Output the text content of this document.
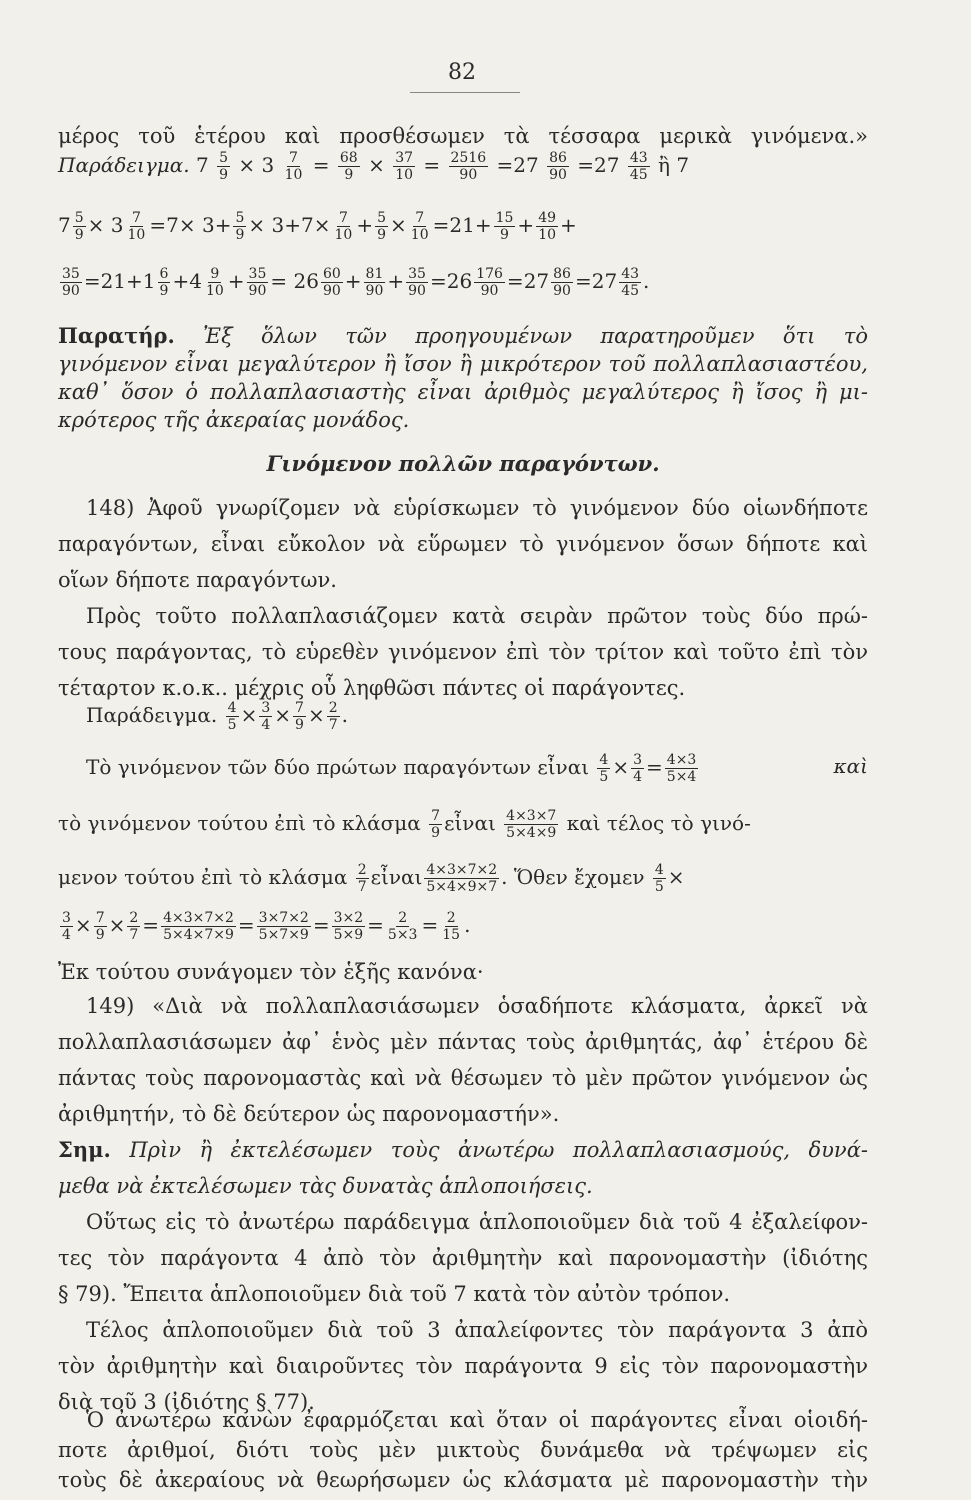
82
μέρος τοῦ ἑτέρου καὶ προσθέσωμεν τὰ τέσσαρα μερικὰ γινόμενα.»
Παράδειγμα. $7 \frac{5}{9} \times 3 \frac{7}{10} = \frac{68}{9} \times \frac{37}{10} = \frac{2516}{90} =27 \frac{86}{90} =27 \frac{43}{45}$ ἢ 7
$7 \frac{5}{9} \times 3 \frac{7}{10} =7\times 3+ \frac{5}{9} \times 3+7\times \frac{7}{10} + \frac{5}{9} \times \frac{7}{10} =21+ \frac{15}{9} + \frac{49}{10}$ +
$\frac{35}{90} =21+1 \frac{6}{9} +4 \frac{9}{10} + \frac{35}{90} = 26 \frac{60}{90} + \frac{81}{90} + \frac{35}{90} =26 \frac{176}{90} =27 \frac{86}{90} =27 \frac{43}{45}$ .
Παρατήρ. Ἐξ ὅλων τῶν προηγουμένων παρατηροῦμεν ὅτι τὸ
γινόμενον εἶναι μεγαλύτερον ἢ ἴσον ἢ μικρότερον τοῦ πολλαπλασιαστέου,
καθ᾽ ὅσον ὁ πολλαπλασιαστὴς εἶναι ἀριθμὸς μεγαλύτερος ἢ ἴσος ἢ μι-
κρότερος τῆς ἀκεραίας μονάδος.
Γινόμενον πολλῶν παραγόντων.
148) Ἀφοῦ γνωρίζομεν νὰ εὑρίσκωμεν τὸ γινόμενον δύο οἱωνδήποτε
παραγόντων, εἶναι εὔκολον νὰ εὕρωμεν τὸ γινόμενον ὅσων δήποτε καὶ
οἵων δήποτε παραγόντων.
Πρὸς τοῦτο πολλαπλασιάζομεν κατὰ σειρὰν πρῶτον τοὺς δύο πρώ-
τους παράγοντας, τὸ εὑρεθὲν γινόμενον ἐπὶ τὸν τρίτον καὶ τοῦτο ἐπὶ τὸν
τέταρτον κ.ο.κ.. μέχρις οὗ ληφθῶσι πάντες οἱ παράγοντες.
Παράδειγμα. $\frac{4}{5} \times \frac{3}{4} \times \frac{7}{9} \times \frac{2}{7}$ .
Τὸ γινόμενον τῶν δύο πρώτων παραγόντων εἶναι $\frac{4}{5} \times \frac{3}{4} = \frac{4\times 3}{5\times 4}$	καὶ
τὸ γινόμενον τούτου ἐπὶ τὸ κλάσμα $\frac{7}{9}$ εἶναι $\frac{4\times 3\times 7}{5\times 4\times 9}$ καὶ τέλος τὸ γινό-
μενον τούτου ἐπὶ τὸ κλάσμα $\frac{2}{7}$ εἶναι $\frac{4\times 3\times 7\times 2}{5\times 4\times 9\times 7}$ . Ὅθεν ἔχομεν $\frac{4}{5}$ ×
$\frac{3}{4} \times \frac{7}{9} \times \frac{2}{7} = \frac{4\times 3\times 7\times 2}{5\times 4\times 7\times 9} = \frac{3\times 7\times 2}{5\times 7\times 9} = \frac{3\times 2}{5\times 9} = \frac{2}{5\times 3} = \frac{2}{15}$ .
Ἐκ τούτου συνάγομεν τὸν ἑξῆς κανόνα·
149) «Διὰ νὰ πολλαπλασιάσωμεν ὁσαδήποτε κλάσματα, ἀρκεῖ νὰ
πολλαπλασιάσωμεν ἀφ᾽ ἑνὸς μὲν πάντας τοὺς ἀριθμητάς, ἀφ᾽ ἑτέρου δὲ
πάντας τοὺς παρονομαστὰς καὶ νὰ θέσωμεν τὸ μὲν πρῶτον γινόμενον ὡς
ἀριθμητήν, τὸ δὲ δεύτερον ὡς παρονομαστήν».
Σημ. Πρὶν ἢ ἐκτελέσωμεν τοὺς ἀνωτέρω πολλαπλασιασμούς, δυνά-
μεθα νὰ ἐκτελέσωμεν τὰς δυνατὰς ἁπλοποιήσεις.
Οὕτως εἰς τὸ ἀνωτέρω παράδειγμα ἁπλοποιοῦμεν διὰ τοῦ 4 ἐξαλείφον-
τες τὸν παράγοντα 4 ἀπὸ τὸν ἀριθμητὴν καὶ παρονομαστὴν (ἰδιότης
§ 79). Ἔπειτα ἁπλοποιοῦμεν διὰ τοῦ 7 κατὰ τὸν αὐτὸν τρόπον.
Τέλος ἁπλοποιοῦμεν διὰ τοῦ 3 ἀπαλείφοντες τὸν παράγοντα 3 ἀπὸ
τὸν ἀριθμητὴν καὶ διαιροῦντες τὸν παράγοντα 9 εἰς τὸν παρονομαστὴν
διὰ τοῦ 3 (ἰδιότης § 77).
Ὁ ἀνωτέρω κανὼν ἐφαρμόζεται καὶ ὅταν οἱ παράγοντες εἶναι οἱοιδή-
ποτε ἀριθμοί, διότι τοὺς μὲν μικτοὺς δυνάμεθα νὰ τρέψωμεν εἰς
τοὺς δὲ ἀκεραίους νὰ θεωρήσωμεν ὡς κλάσματα μὲ παρονομαστὴν τὴν
